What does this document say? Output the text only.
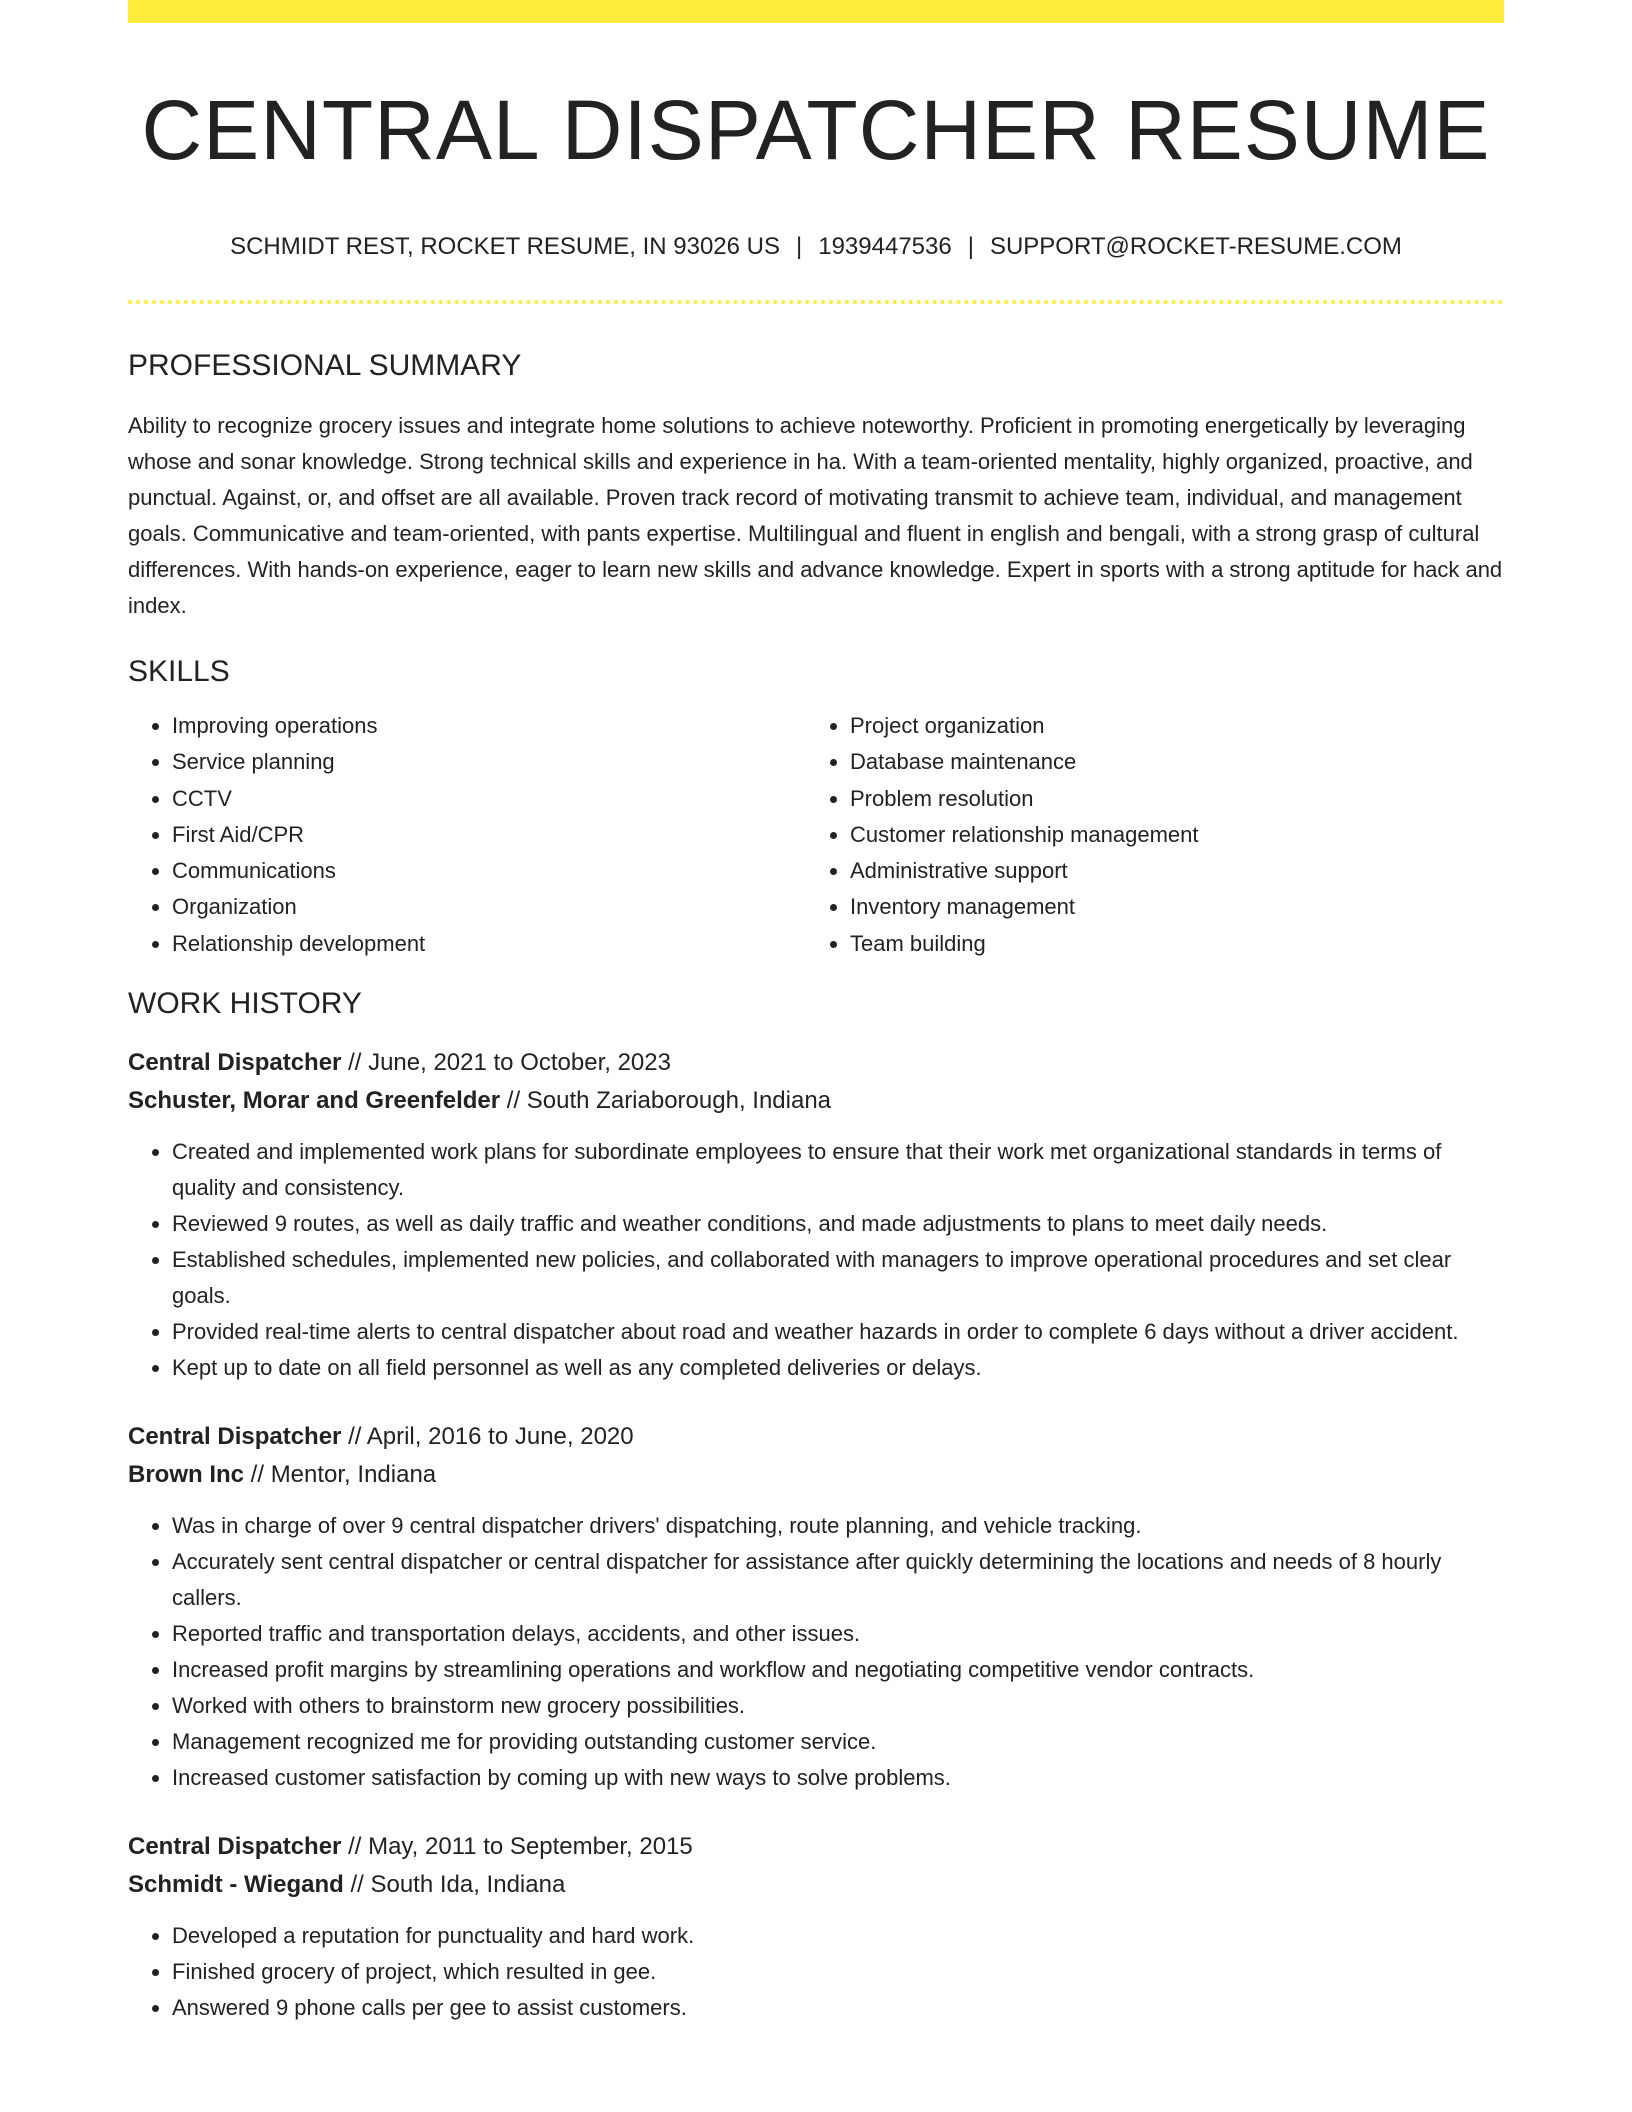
CENTRAL DISPATCHER RESUME
SCHMIDT REST, ROCKET RESUME, IN 93026 US | 1939447536 | SUPPORT@ROCKET-RESUME.COM
PROFESSIONAL SUMMARY

Ability to recognize grocery issues and integrate home solutions to achieve noteworthy. Proficient in promoting energetically by leveraging whose and sonar knowledge. Strong technical skills and experience in ha. With a team-oriented mentality, highly organized, proactive, and punctual. Against, or, and offset are all available. Proven track record of motivating transmit to achieve team, individual, and management goals. Communicative and team-oriented, with pants expertise. Multilingual and fluent in english and bengali, with a strong grasp of cultural differences. With hands-on experience, eager to learn new skills and advance knowledge. Expert in sports with a strong aptitude for hack and index.

SKILLS
• Improving operations
• Service planning
• CCTV
• First Aid/CPR
• Communications
• Organization
• Relationship development
• Project organization
• Database maintenance
• Problem resolution
• Customer relationship management
• Administrative support
• Inventory management
• Team building
WORK HISTORY
Central Dispatcher // June, 2021 to October, 2023
Schuster, Morar and Greenfelder // South Zariaborough, Indiana
• Created and implemented work plans for subordinate employees to ensure that their work met organizational standards in terms of quality and consistency.
• Reviewed 9 routes, as well as daily traffic and weather conditions, and made adjustments to plans to meet daily needs.
• Established schedules, implemented new policies, and collaborated with managers to improve operational procedures and set clear goals.
• Provided real-time alerts to central dispatcher about road and weather hazards in order to complete 6 days without a driver accident.
• Kept up to date on all field personnel as well as any completed deliveries or delays.
Central Dispatcher // April, 2016 to June, 2020
Brown Inc // Mentor, Indiana
• Was in charge of over 9 central dispatcher drivers' dispatching, route planning, and vehicle tracking.
• Accurately sent central dispatcher or central dispatcher for assistance after quickly determining the locations and needs of 8 hourly callers.
• Reported traffic and transportation delays, accidents, and other issues.
• Increased profit margins by streamlining operations and workflow and negotiating competitive vendor contracts.
• Worked with others to brainstorm new grocery possibilities.
• Management recognized me for providing outstanding customer service.
• Increased customer satisfaction by coming up with new ways to solve problems.
Central Dispatcher // May, 2011 to September, 2015
Schmidt - Wiegand // South Ida, Indiana
• Developed a reputation for punctuality and hard work.
• Finished grocery of project, which resulted in gee.
• Answered 9 phone calls per gee to assist customers.
